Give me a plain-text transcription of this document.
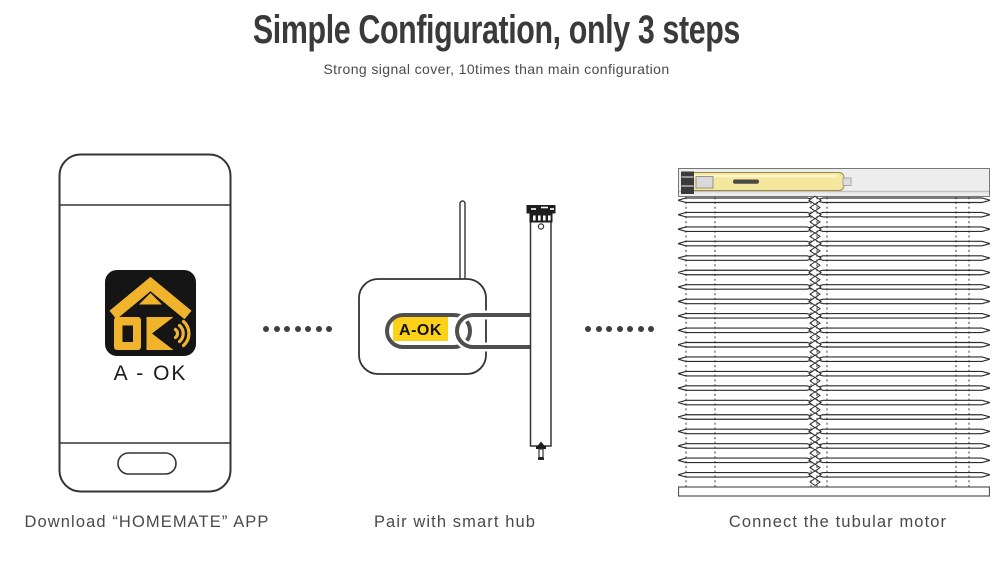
Simple Configuration, only 3 steps
Strong signal cover, 10times than main configuration
A - OK
A-OK
Download “HOMEMATE” APP	Pair with smart hub	Connect the tubular motor
